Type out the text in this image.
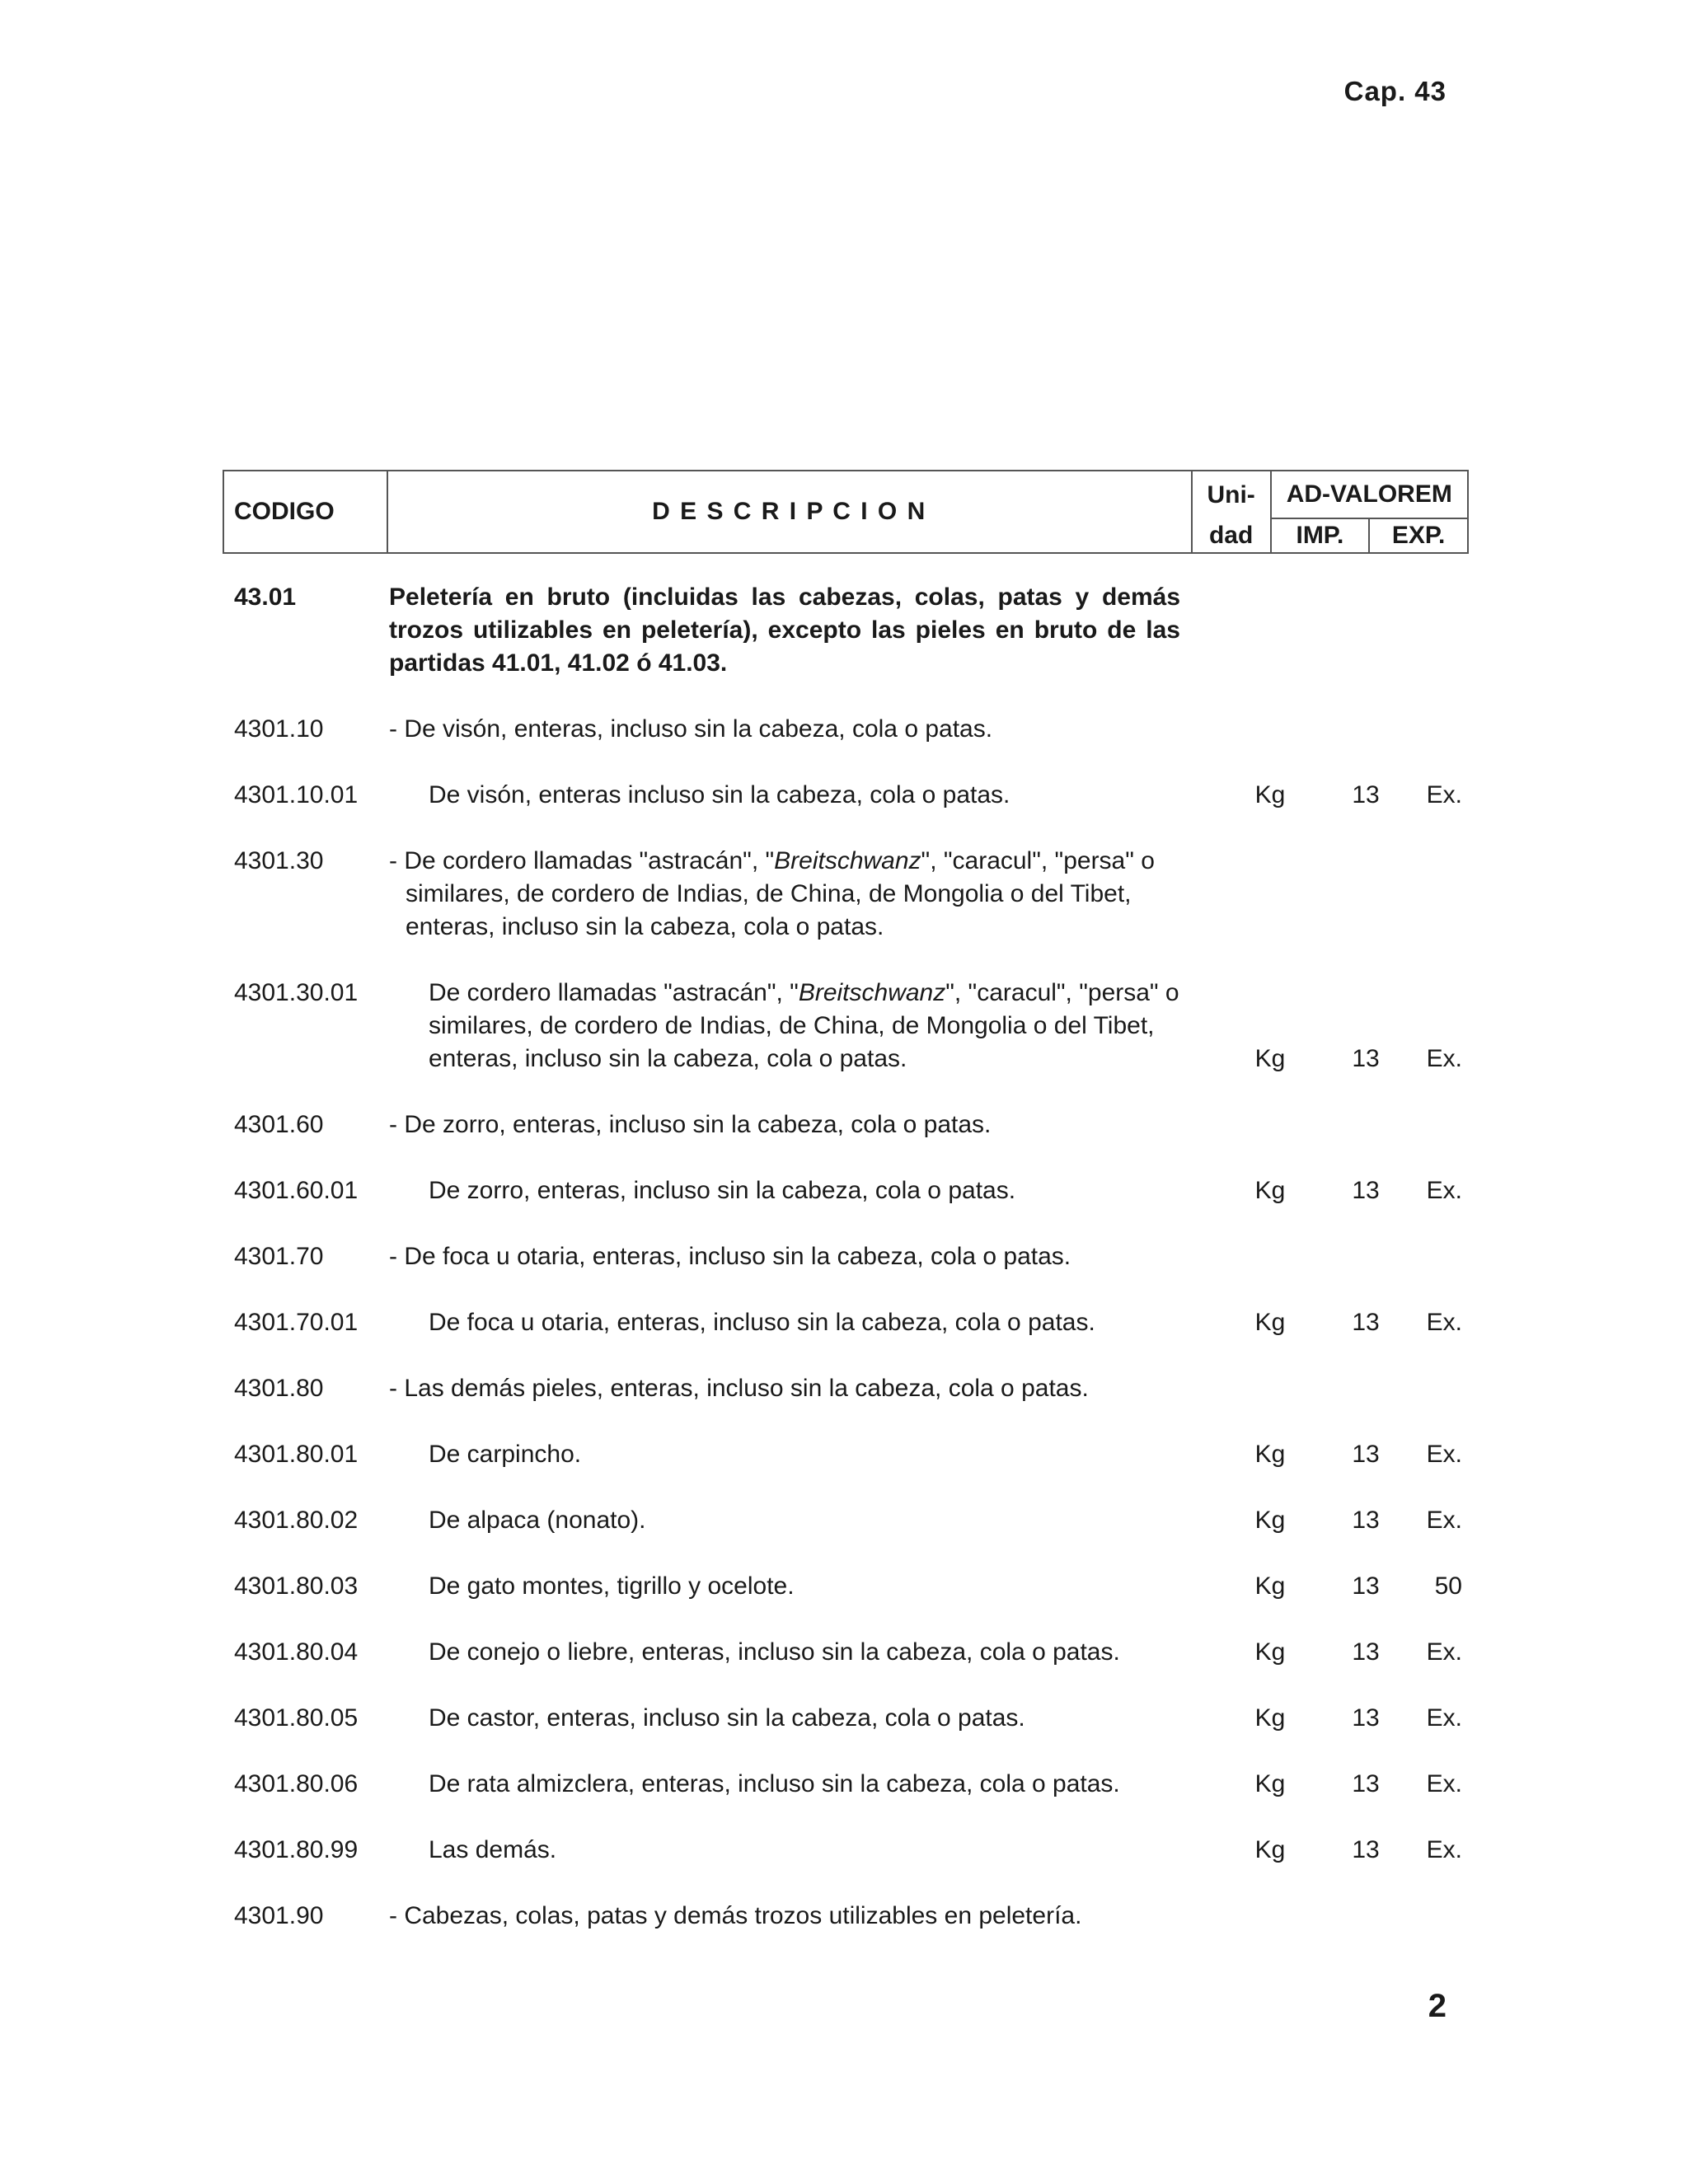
Cap. 43
CODIGO	D E S C R I P C I O N	Uni-	AD-VALOREM	
		dad	IMP.	EXP.
43.01	Peletería en bruto (incluidas las cabezas, colas, patas y demás trozos utilizables en peletería), excepto las pieles en bruto de las partidas 41.01, 41.02 ó 41.03.
4301.10	- De visón, enteras, incluso sin la cabeza, cola o patas.
4301.10.01	De visón, enteras incluso sin la cabeza, cola o patas.	Kg	13	Ex.
4301.30	- De cordero llamadas "astracán", "Breitschwanz", "caracul", "persa" o similares, de cordero de Indias, de China, de Mongolia o del Tibet, enteras, incluso sin la cabeza, cola o patas.
4301.30.01	De cordero llamadas "astracán", "Breitschwanz", "caracul", "persa" o similares, de cordero de Indias, de China, de Mongolia o del Tibet, enteras, incluso sin la cabeza, cola o patas.	Kg	13	Ex.
4301.60	- De zorro, enteras, incluso sin la cabeza, cola o patas.
4301.60.01	De zorro, enteras, incluso sin la cabeza, cola o patas.	Kg	13	Ex.
4301.70	- De foca u otaria, enteras, incluso sin la cabeza, cola o patas.
4301.70.01	De foca u otaria, enteras, incluso sin la cabeza, cola o patas.	Kg	13	Ex.
4301.80	- Las demás pieles, enteras, incluso sin la cabeza, cola o patas.
4301.80.01	De carpincho.	Kg	13	Ex.
4301.80.02	De alpaca (nonato).	Kg	13	Ex.
4301.80.03	De gato montes, tigrillo y ocelote.	Kg	13	50
4301.80.04	De conejo o liebre, enteras, incluso sin la cabeza, cola o patas.	Kg	13	Ex.
4301.80.05	De castor, enteras, incluso sin la cabeza, cola o patas.	Kg	13	Ex.
4301.80.06	De rata almizclera, enteras, incluso sin la cabeza, cola o patas.	Kg	13	Ex.
4301.80.99	Las demás.	Kg	13	Ex.
4301.90	- Cabezas, colas, patas y demás trozos utilizables en peletería.
2
